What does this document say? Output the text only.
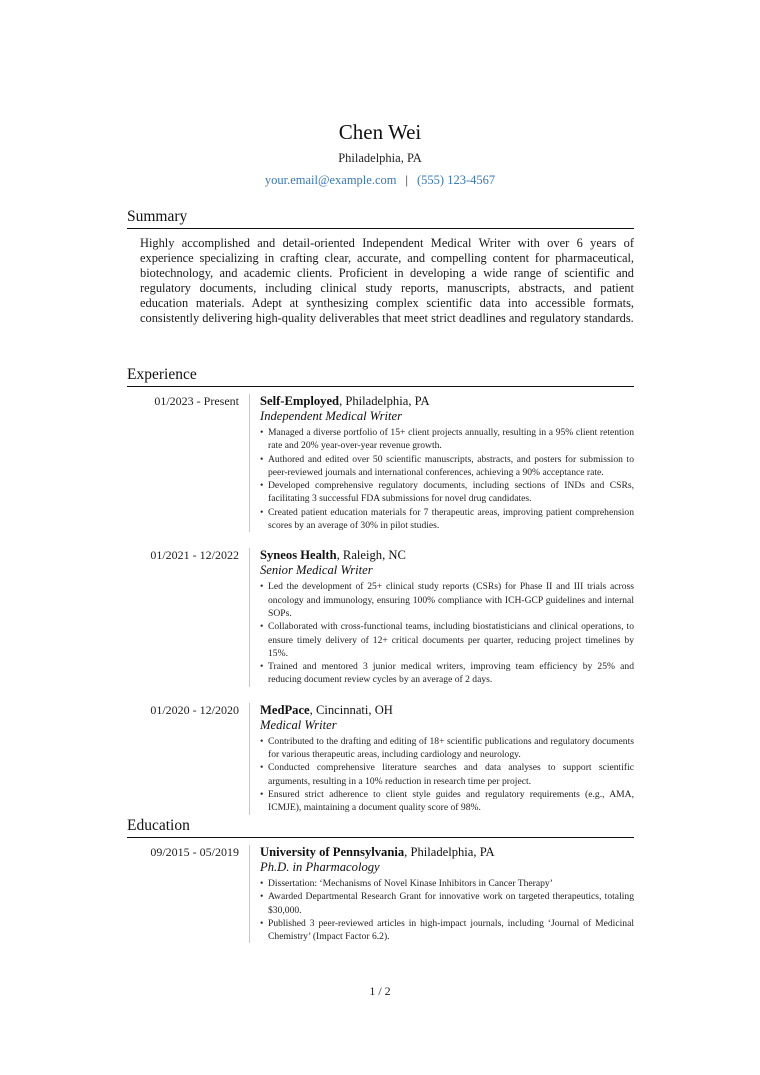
Chen Wei
Philadelphia, PA
your.email@example.com | (555) 123-4567
Summary
Highly accomplished and detail-oriented Independent Medical Writer with over 6 years of experience specializing in crafting clear, accurate, and compelling content for pharmaceutical, biotechnology, and academic clients. Proficient in developing a wide range of scientific and regulatory documents, including clinical study reports, manuscripts, abstracts, and patient education materials. Adept at synthesizing complex scientific data into accessible formats, consistently delivering high-quality deliverables that meet strict deadlines and regulatory standards.
Experience
01/2023 - Present	Self-Employed, Philadelphia, PA
Independent Medical Writer
• Managed a diverse portfolio of 15+ client projects annually, resulting in a 95% client retention rate and 20% year-over-year revenue growth.
• Authored and edited over 50 scientific manuscripts, abstracts, and posters for submission to peer-reviewed journals and international conferences, achieving a 90% acceptance rate.
• Developed comprehensive regulatory documents, including sections of INDs and CSRs, facilitating 3 successful FDA submissions for novel drug candidates.
• Created patient education materials for 7 therapeutic areas, improving patient comprehension scores by an average of 30% in pilot studies.
01/2021 - 12/2022	Syneos Health, Raleigh, NC
Senior Medical Writer
• Led the development of 25+ clinical study reports (CSRs) for Phase II and III trials across oncology and immunology, ensuring 100% compliance with ICH-GCP guidelines and internal SOPs.
• Collaborated with cross-functional teams, including biostatisticians and clinical operations, to ensure timely delivery of 12+ critical documents per quarter, reducing project timelines by 15%.
• Trained and mentored 3 junior medical writers, improving team efficiency by 25% and reducing document review cycles by an average of 2 days.
01/2020 - 12/2020	MedPace, Cincinnati, OH
Medical Writer
• Contributed to the drafting and editing of 18+ scientific publications and regulatory documents for various therapeutic areas, including cardiology and neurology.
• Conducted comprehensive literature searches and data analyses to support scientific arguments, resulting in a 10% reduction in research time per project.
• Ensured strict adherence to client style guides and regulatory requirements (e.g., AMA, ICMJE), maintaining a document quality score of 98%.
Education
09/2015 - 05/2019	University of Pennsylvania, Philadelphia, PA
Ph.D. in Pharmacology
• Dissertation: ‘Mechanisms of Novel Kinase Inhibitors in Cancer Therapy’
• Awarded Departmental Research Grant for innovative work on targeted therapeutics, totaling $30,000.
• Published 3 peer-reviewed articles in high-impact journals, including ‘Journal of Medicinal Chemistry’ (Impact Factor 6.2).
1 / 2
